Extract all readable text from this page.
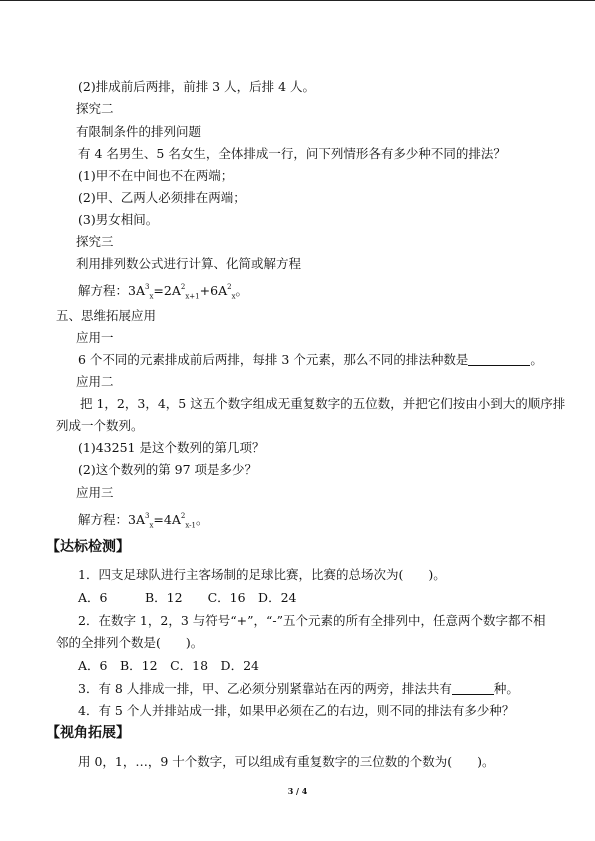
(2)排成前后两排，前排 3 人，后排 4 人。
探究二
有限制条件的排列问题
有 4 名男生、5 名女生，全体排成一行，问下列情形各有多少种不同的排法？
(1)甲不在中间也不在两端；
(2)甲、乙两人必须排在两端；
(3)男女相间。
探究三
利用排列数公式进行计算、化简或解方程
解方程：$3A^3_x=2A^2_{x+1}+6A^2_x$。
五、思维拓展应用
应用一
6 个不同的元素排成前后两排，每排 3 个元素，那么不同的排法种数是	。
应用二
把 1，2，3，4，5 这五个数字组成无重复数字的五位数，并把它们按由小到大的顺序排
列成一个数列。
(1)43251 是这个数列的第几项？
(2)这个数列的第 97 项是多少？
应用三
解方程：$3A^3_x=4A^2_{x-1}$。
【达标检测】
1．四支足球队进行主客场制的足球比赛，比赛的总场次为(　　)。
A．6　　　B．12　　C．16　D．24
2．在数字 1，2，3 与符号“+”，“-”五个元素的所有全排列中，任意两个数字都不相
邻的全排列个数是(　　)。
A．6　B．12　C．18　D．24
3．有 8 人排成一排，甲、乙必须分别紧靠站在丙的两旁，排法共有	种。
4．有 5 个人并排站成一排，如果甲必须在乙的右边，则不同的排法有多少种？
【视角拓展】
用 0，1，…，9 十个数字，可以组成有重复数字的三位数的个数为(　　)。
3 / 4
